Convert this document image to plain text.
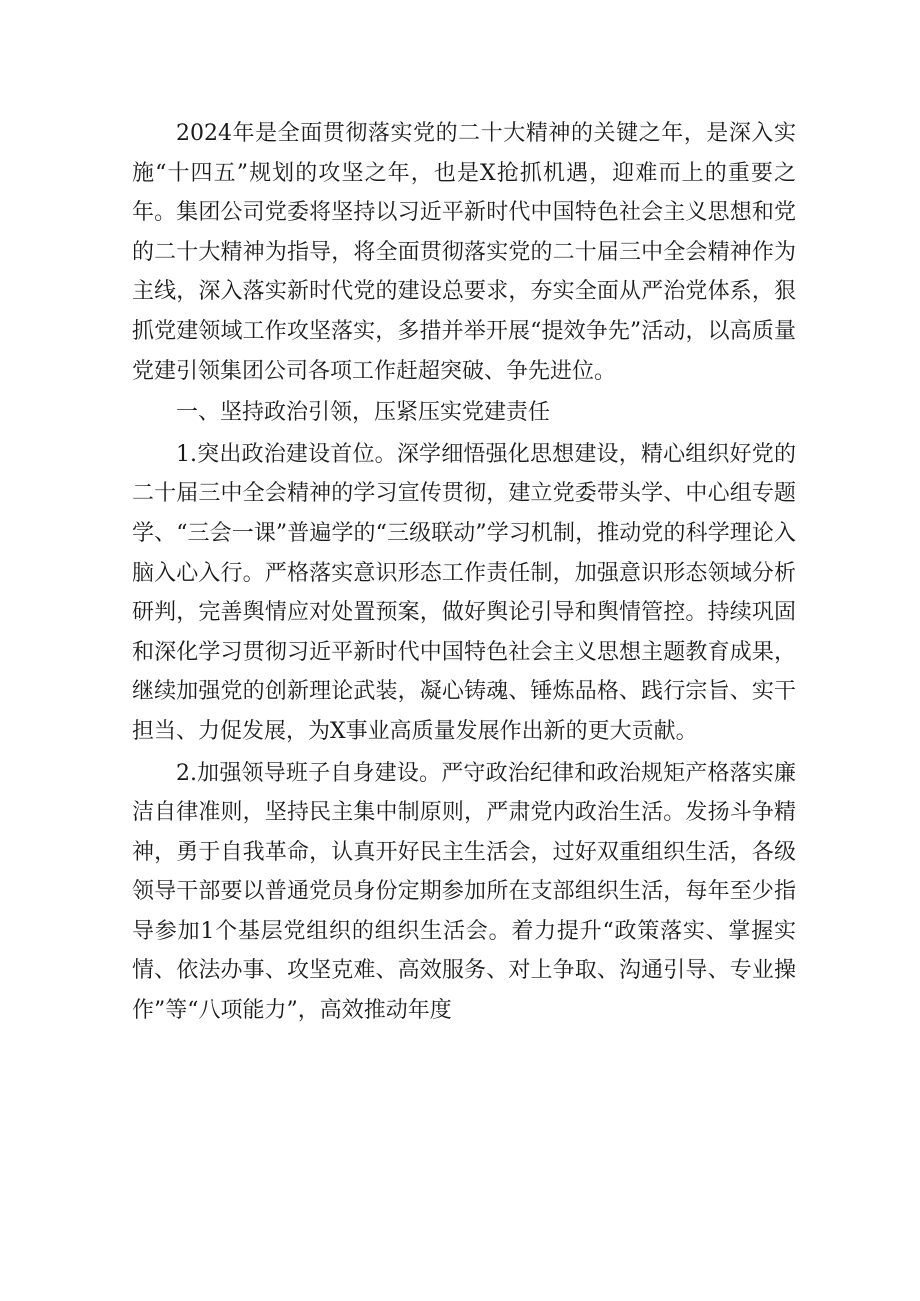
2024年是全面贯彻落实党的二十大精神的关键之年，是深入实施“十四五”规划的攻坚之年，也是X抢抓机遇，迎难而上的重要之年。集团公司党委将坚持以习近平新时代中国特色社会主义思想和党的二十大精神为指导，将全面贯彻落实党的二十届三中全会精神作为主线，深入落实新时代党的建设总要求，夯实全面从严治党体系，狠抓党建领域工作攻坚落实，多措并举开展“提效争先”活动，以高质量党建引领集团公司各项工作赶超突破、争先进位。

一、坚持政治引领，压紧压实党建责任

1.突出政治建设首位。深学细悟强化思想建设，精心组织好党的二十届三中全会精神的学习宣传贯彻，建立党委带头学、中心组专题学、“三会一课”普遍学的“三级联动”学习机制，推动党的科学理论入脑入心入行。严格落实意识形态工作责任制，加强意识形态领域分析研判，完善舆情应对处置预案，做好舆论引导和舆情管控。持续巩固和深化学习贯彻习近平新时代中国特色社会主义思想主题教育成果，继续加强党的创新理论武装，凝心铸魂、锤炼品格、践行宗旨、实干担当、力促发展，为X事业高质量发展作出新的更大贡献。

2.加强领导班子自身建设。严守政治纪律和政治规矩产格落实廉洁自律准则，坚持民主集中制原则，严肃党内政治生活。发扬斗争精神，勇于自我革命，认真开好民主生活会，过好双重组织生活，各级领导干部要以普通党员身份定期参加所在支部组织生活，每年至少指导参加1个基层党组织的组织生活会。着力提升“政策落实、掌握实情、依法办事、攻坚克难、高效服务、对上争取、沟通引导、专业操作”等“八项能力”，高效推动年度
